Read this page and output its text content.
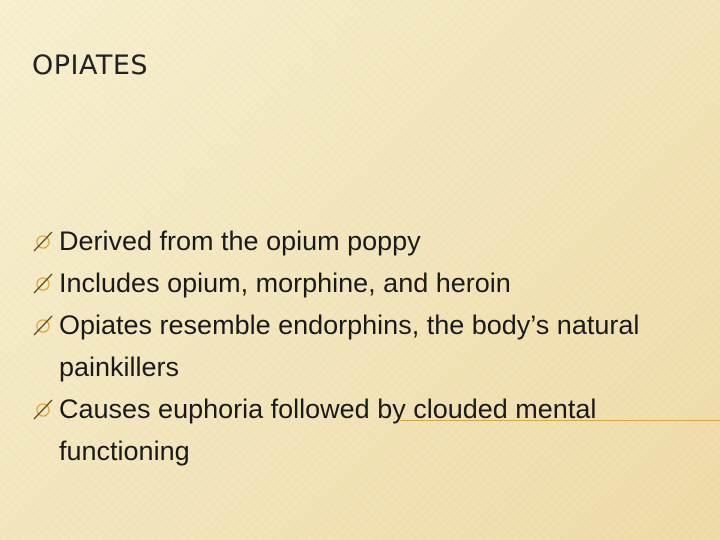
OPIATES
Derived from the opium poppy
Includes opium, morphine, and heroin
Opiates resemble endorphins, the body’s natural painkillers
Causes euphoria followed by clouded mental functioning
